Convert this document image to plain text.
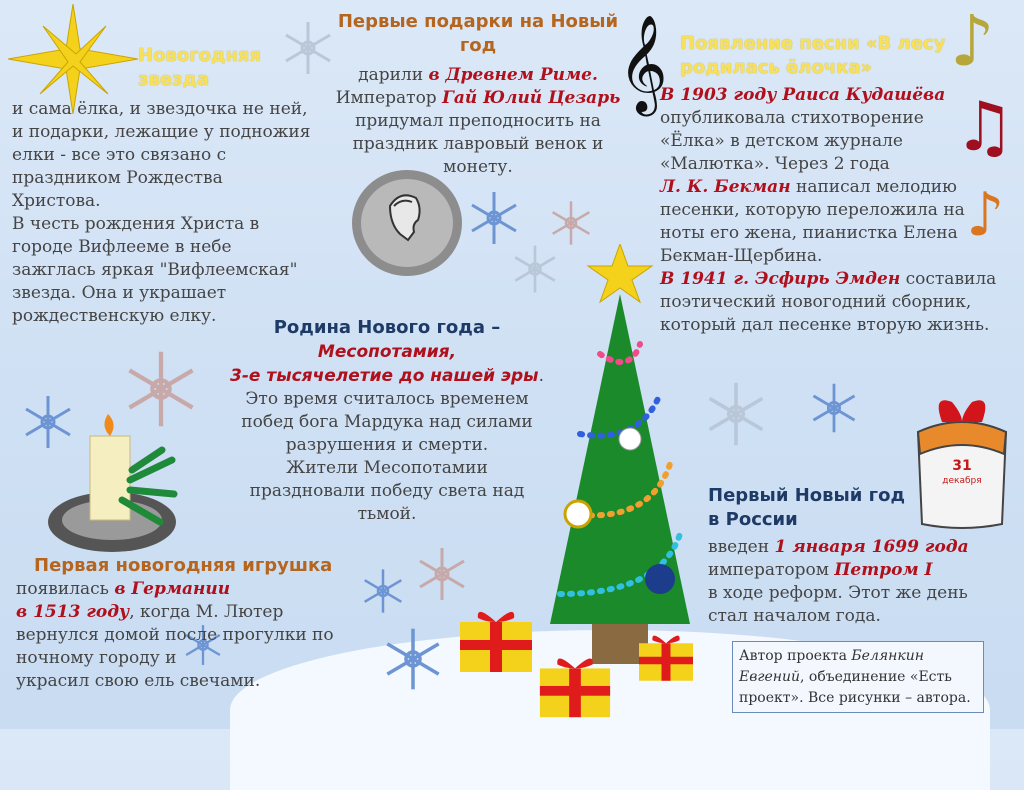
Новогодняя звезда
и сама ёлка, и звездочка не ней,
и подарки, лежащие у подножия
елки - все это связано с
праздником Рождества
Христова.
В честь рождения Христа в
городе Вифлееме в небе
зажглась яркая "Вифлеемская"
звезда. Она и украшает
рождественскую елку.
Первые подарки на Новый
год
дарили в Древнем Риме.
Император Гай Юлий Цезарь
придумал преподносить на
праздник лавровый венок и
монету.
Появление песни «В лесу
родилась ёлочка»
В 1903 году Раиса Кудашёва
опубликовала стихотворение
«Ёлка» в детском журнале
«Малютка». Через 2 года
Л. К. Бекман написал мелодию
песенки, которую переложила на
ноты его жена, пианистка Елена
Бекман-Щербина.
В 1941 г. Эсфирь Эмден составила
поэтический новогодний сборник,
который дал песенке вторую жизнь.
𝄞	♪
♫
♪
Родина Нового года –
Месопотамия,
3-е тысячелетие до нашей эры.
Это время считалось временем
побед бога Мардука над силами
разрушения и смерти.
Жители Месопотамии
праздновали победу света над
тьмой.
Первая новогодняя игрушка
появилась в Германии
в 1513 году, когда М. Лютер
вернулся домой после прогулки по
ночному городу и
украсил свою ель свечами.
31
декабря
Первый Новый год
в России
введен 1 января 1699 года
императором Петром I
в ходе реформ. Этот же день
стал началом года.
Автор проекта Белянкин
Евгений, объединение «Есть
проект». Все рисунки – автора.
